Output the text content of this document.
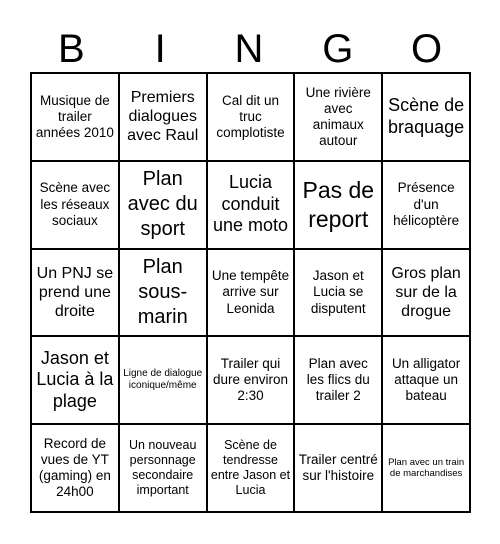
B	I	N	G	O
Musique de trailer années 2010
Premiers dialogues avec Raul
Cal dit un truc complotiste
Une rivière avec animaux autour
Scène de braquage
Scène avec les réseaux sociaux
Plan avec du sport
Lucia conduit une moto
Pas de report
Présence d'un hélicoptère
Un PNJ se prend une droite
Plan sous-marin
Une tempête arrive sur Leonida
Jason et Lucia se disputent
Gros plan sur de la drogue
Jason et Lucia à la plage
Ligne de dialogue iconique/même
Trailer qui dure environ 2:30
Plan avec les flics du trailer 2
Un alligator attaque un bateau
Record de vues de YT (gaming) en 24h00
Un nouveau personnage secondaire important
Scène de tendresse entre Jason et Lucia
Trailer centré sur l'histoire
Plan avec un train de marchandises
